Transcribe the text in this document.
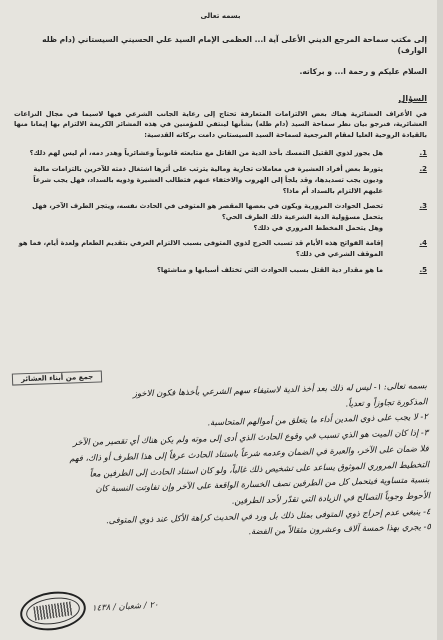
بسمه تعالى
إلى مكتب سماحة المرجع الديني الأعلى آية ا... العظمى الإمام السيد علي الحسيني السيستاني (دام ظله الوارف)
السلام عليكم و رحمة ا... و بركاته.
السؤال
في الأعراف العشائرية هناك بعض الالتزامات المتعارفة تحتاج إلى رعاية الجانب الشرعي فيها لاسيما في مجال النزاعات العشائرية، فنرجو بيان نظر سماحة السيد (دام ظله) بشأنها لينتفي للمؤمنين في هذه المشائر الكريمة الالتزام بها إيمانا منها بالقيادة الروحية العليا لمقام المرجعية لسماحة السيد السيستاني دامت بركاته القدسية:
1.
هل يجوز لذوي القتيل التمسك بأخذ الدية من القاتل مع متابعته قانونياً وعشائرياً وهدر دمه، أم ليس لهم ذلك؟
2.
يتورط بعض أفراد العشيرة في معاملات تجارية ومالية يترتب على أثرها اشتغال ذمته للآخرين بالتزامات مالية وديون يجب تسديدها، وقد يلجأ إلى الهروب والاختفاء عنهم فتطالب العشيرة وذويه بالسداد، فهل يجب شرعاً عليهم الالتزام بالسداد أم ماذا؟
3.
تحصل الحوادث المرورية ويكون في بعضها المقصر هو المتوفى في الحادث نفسه، ويتجز الطرف الآخر، فهل يتحمل مسؤولية الدية الشرعية ذلك الطرف الحي؟
وهل يتحمل المخطط المروري في ذلك؟
4.
إقامة الفواتح هذه الأيام قد تسبب الحرج لذوي المتوفى بسبب الالتزام العرفي بتقديم الطعام ولعدة أيام، فما هو الموقف الشرعي في ذلك؟
5.
ما هو مقدار دية القتل بسبب الحوادث التي تختلف أسبابها و مناشئها؟
جمع من أبناء العشائر

بسمه تعالى: ١- ليس له ذلك بعد أخذ الدية لاستيفاء سهم الشرعي بأخذها فكون الاخوز

المذكورة تجاوزاً و تعدياً.

٢- لا يجب على ذوي المدين أداء ما يتعلق من أموالهم المتحاسبة.

٣- إذا كان الميت هو الذي تسبب في وقوع الحادث الذي أدى إلى موته ولم يكن هناك أي تقصير من الآخر

فلا ضمان على الآخر، والعبرة في الضمان وعدمه شرعاً باستناد الحادث عرفاً إلى هذا الطرف أو ذاك، فهم

التخطيط المروري الموثوق يساعد على تشخيص ذلك غالباً، ولو كان استناد الحادث إلى الطرفين معاً

بنسبة متساوية فيتحمل كل من الطرفين نصف الخسارة الواقعة على الآخر وإن تفاوتت النسبة كان

الأحوط وجوباً التصالح في الزيادة التي تقدّر لأحد الطرفين.

٤- ينبغي عدم إحراج ذوي المتوفى بمثل ذلك بل ورد في الحديث كراهة الأكل عند ذوي المتوفى.

٥- يجري بهذا خمسة آلاف وعشرون مثقالاً من الفضة.

٢٠ / شعبان / ١٤٣٨
